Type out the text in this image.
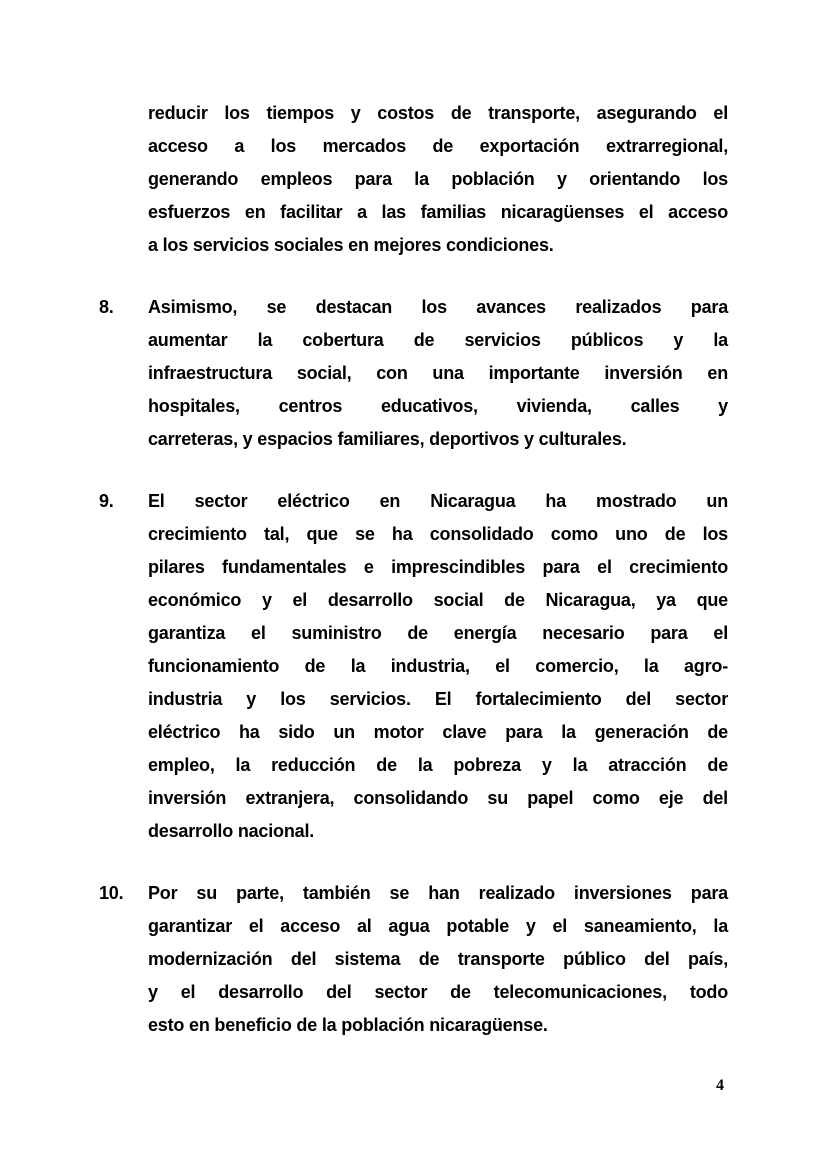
reducir los tiempos y costos de transporte, asegurando el
acceso a los mercados de exportación extrarregional,
generando empleos para la población y orientando los
esfuerzos en facilitar a las familias nicaragüenses el acceso
a los servicios sociales en mejores condiciones.
8.	Asimismo, se destacan los avances realizados para
aumentar la cobertura de servicios públicos y la
infraestructura social, con una importante inversión en
hospitales, centros educativos, vivienda, calles y
carreteras, y espacios familiares, deportivos y culturales.
9.	El sector eléctrico en Nicaragua ha mostrado un
crecimiento tal, que se ha consolidado como uno de los
pilares fundamentales e imprescindibles para el crecimiento
económico y el desarrollo social de Nicaragua, ya que
garantiza el suministro de energía necesario para el
funcionamiento de la industria, el comercio, la agro-
industria y los servicios. El fortalecimiento del sector
eléctrico ha sido un motor clave para la generación de
empleo, la reducción de la pobreza y la atracción de
inversión extranjera, consolidando su papel como eje del
desarrollo nacional.
10.	Por su parte, también se han realizado inversiones para
garantizar el acceso al agua potable y el saneamiento, la
modernización del sistema de transporte público del país,
y el desarrollo del sector de telecomunicaciones, todo
esto en beneficio de la población nicaragüense.
4
